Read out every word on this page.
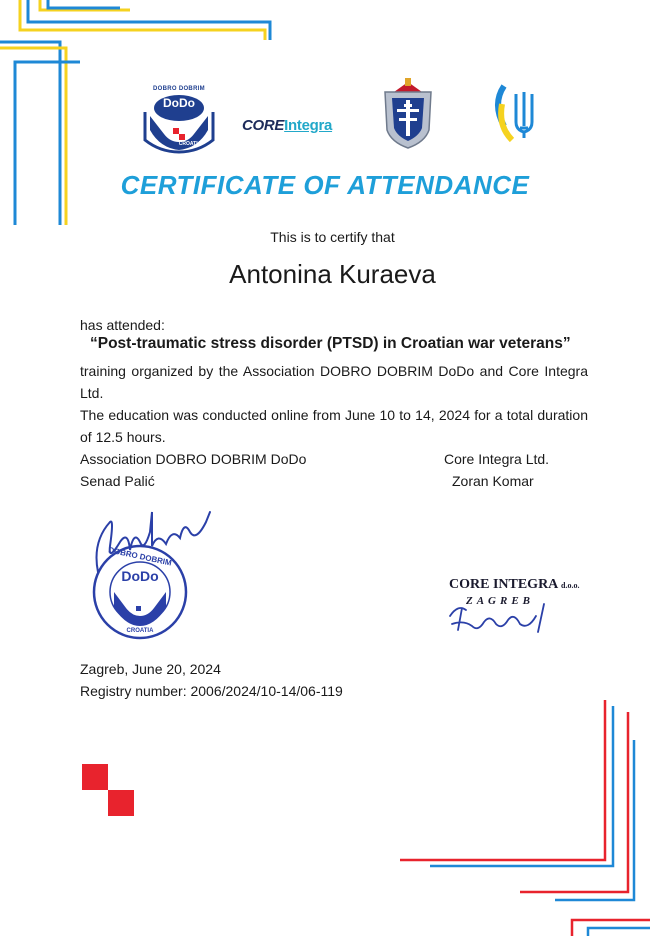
DOBRO DOBRIM
DoDo
CROATIA
COREIntegra
CERTIFICATE OF ATTENDANCE
This is to certify that
Antonina Kuraeva
has attended:
“Post-traumatic stress disorder (PTSD) in Croatian war veterans”
training organized by the Association DOBRO DOBRIM DoDo and Core Integra Ltd.
The education was conducted online from June 10 to 14, 2024 for a total duration of 12.5 hours.
Association DOBRO DOBRIM DoDo
Senad Palić
Core Integra Ltd.
Zoran Komar
DOBRO DOBRIM
DoDo
CROATIA
CORE INTEGRA d.o.o.
ZAGREB
Zagreb, June 20, 2024
Registry number: 2006/2024/10-14/06-119
